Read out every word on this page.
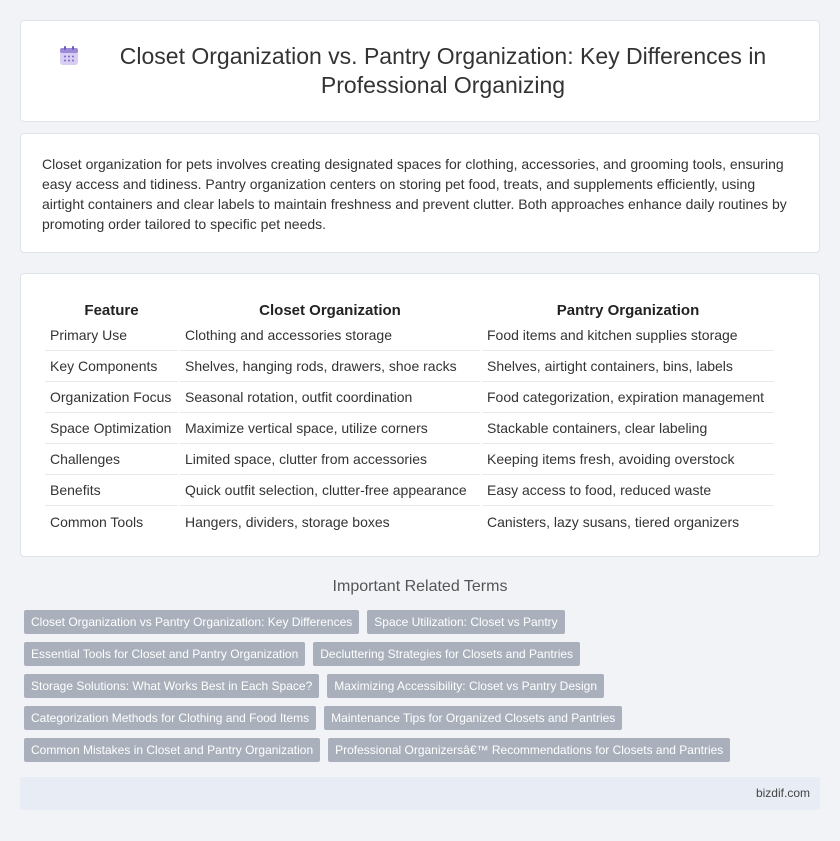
Closet Organization vs. Pantry Organization: Key Differences in Professional Organizing

Closet organization for pets involves creating designated spaces for clothing, accessories, and grooming tools, ensuring easy access and tidiness. Pantry organization centers on storing pet food, treats, and supplements efficiently, using airtight containers and clear labels to maintain freshness and prevent clutter. Both approaches enhance daily routines by promoting order tailored to specific pet needs.

Feature	Closet Organization	Pantry Organization
Primary Use	Clothing and accessories storage	Food items and kitchen supplies storage
Key Components	Shelves, hanging rods, drawers, shoe racks	Shelves, airtight containers, bins, labels
Organization Focus	Seasonal rotation, outfit coordination	Food categorization, expiration management
Space Optimization	Maximize vertical space, utilize corners	Stackable containers, clear labeling
Challenges	Limited space, clutter from accessories	Keeping items fresh, avoiding overstock
Benefits	Quick outfit selection, clutter-free appearance	Easy access to food, reduced waste
Common Tools	Hangers, dividers, storage boxes	Canisters, lazy susans, tiered organizers
Important Related Terms
Closet Organization vs Pantry Organization: Key Differences	Space Utilization: Closet vs Pantry
Essential Tools for Closet and Pantry Organization	Decluttering Strategies for Closets and Pantries
Storage Solutions: What Works Best in Each Space?	Maximizing Accessibility: Closet vs Pantry Design
Categorization Methods for Clothing and Food Items	Maintenance Tips for Organized Closets and Pantries
Common Mistakes in Closet and Pantry Organization	Professional Organizersâ€™ Recommendations for Closets and Pantries
bizdif.com
